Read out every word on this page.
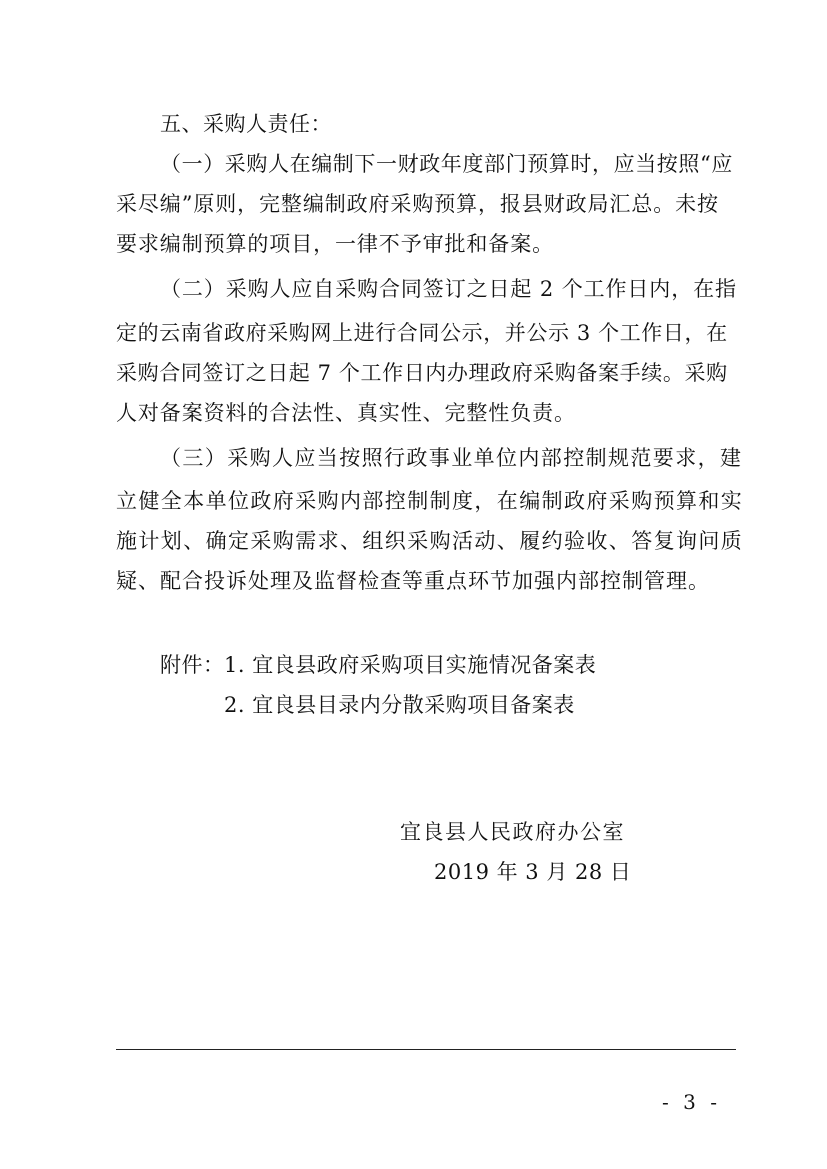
五、采购人责任：
（一）采购人在编制下一财政年度部门预算时，应当按照“应
采尽编”原则，完整编制政府采购预算，报县财政局汇总。未按
要求编制预算的项目，一律不予审批和备案。
（二）采购人应自采购合同签订之日起 2 个工作日内，在指
定的云南省政府采购网上进行合同公示，并公示 3 个工作日，在
采购合同签订之日起 7 个工作日内办理政府采购备案手续。采购
人对备案资料的合法性、真实性、完整性负责。
（三）采购人应当按照行政事业单位内部控制规范要求，建
立健全本单位政府采购内部控制制度，在编制政府采购预算和实
施计划、确定采购需求、组织采购活动、履约验收、答复询问质
疑、配合投诉处理及监督检查等重点环节加强内部控制管理。
附件： 1. 宜良县政府采购项目实施情况备案表
2. 宜良县目录内分散采购项目备案表
宜良县人民政府办公室
2019 年 3 月 28 日
- 3 -
